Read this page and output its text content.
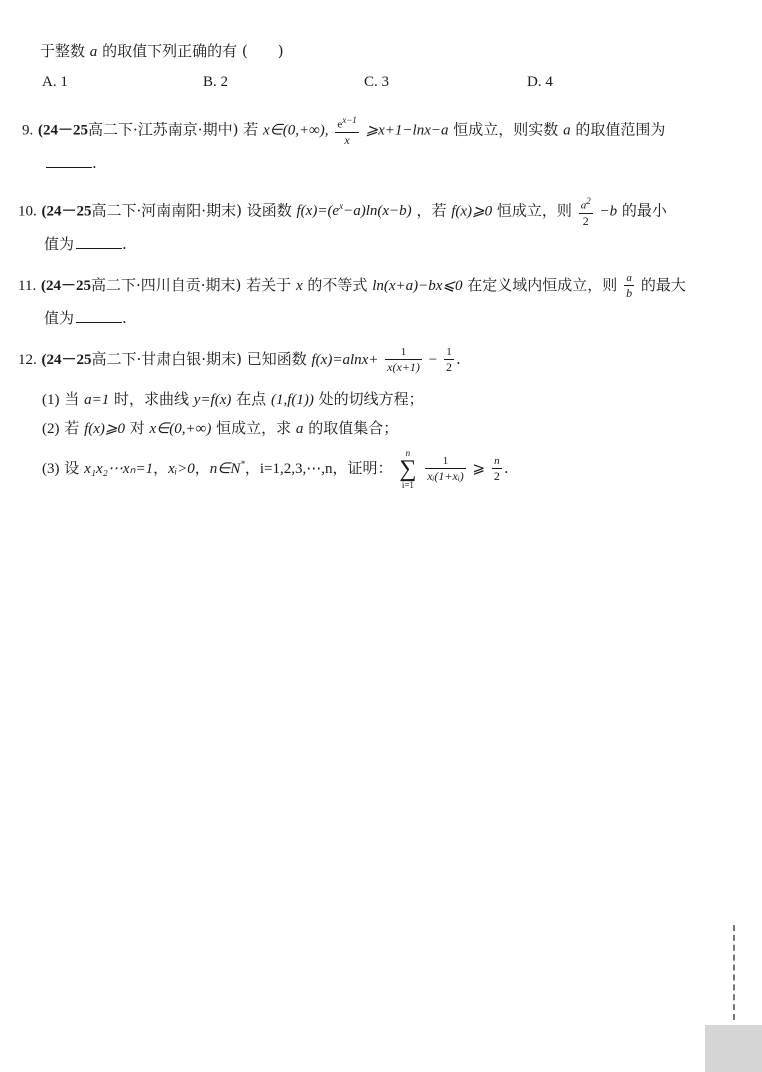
于整数 a 的取值下列正确的有 ( )
A. 1	B. 2	C. 3	D. 4
9. (24－25高二下·江苏南京·期中) 若 x∈(0,+∞), $\frac{e^{x-1}}{x}$ ⩾x+1−lnx−a 恒成立，则实数 a 的取值范围为
.
10. (24－25高二下·河南南阳·期末) 设函数 $f(x)=(e^x-a)\ln(x-b)$ ，若 f(x)⩾0 恒成立，则 $\frac{a^2}{2} -b$ 的最小
值为	.
11. (24－25高二下·四川自贡·期末) 若关于 x 的不等式 ln(x+a)−bx⩽0 在定义域内恒成立，则 $\frac{a}{b}$ 的最大
值为	.
12. (24－25高二下·甘肃白银·期末) 已知函数 $f(x)=alnx+ \frac{1}{x(x+1)} - \frac{1}{2}$ .
(1) 当 a=1 时，求曲线 y=f(x) 在点 (1,f(1)) 处的切线方程；
(2) 若 f(x)⩾0 对 x∈(0,+∞) 恒成立，求 a 的取值集合；
(3) 设 x₁x₂⋯xₙ=1，xᵢ>0，n∈N*，i=1,2,3,⋯,n，证明：
n
∑
i=1

$\frac{1}{\text{xᵢ(1+xᵢ)}}$ ⩾ $\frac{n}{2}$ .
